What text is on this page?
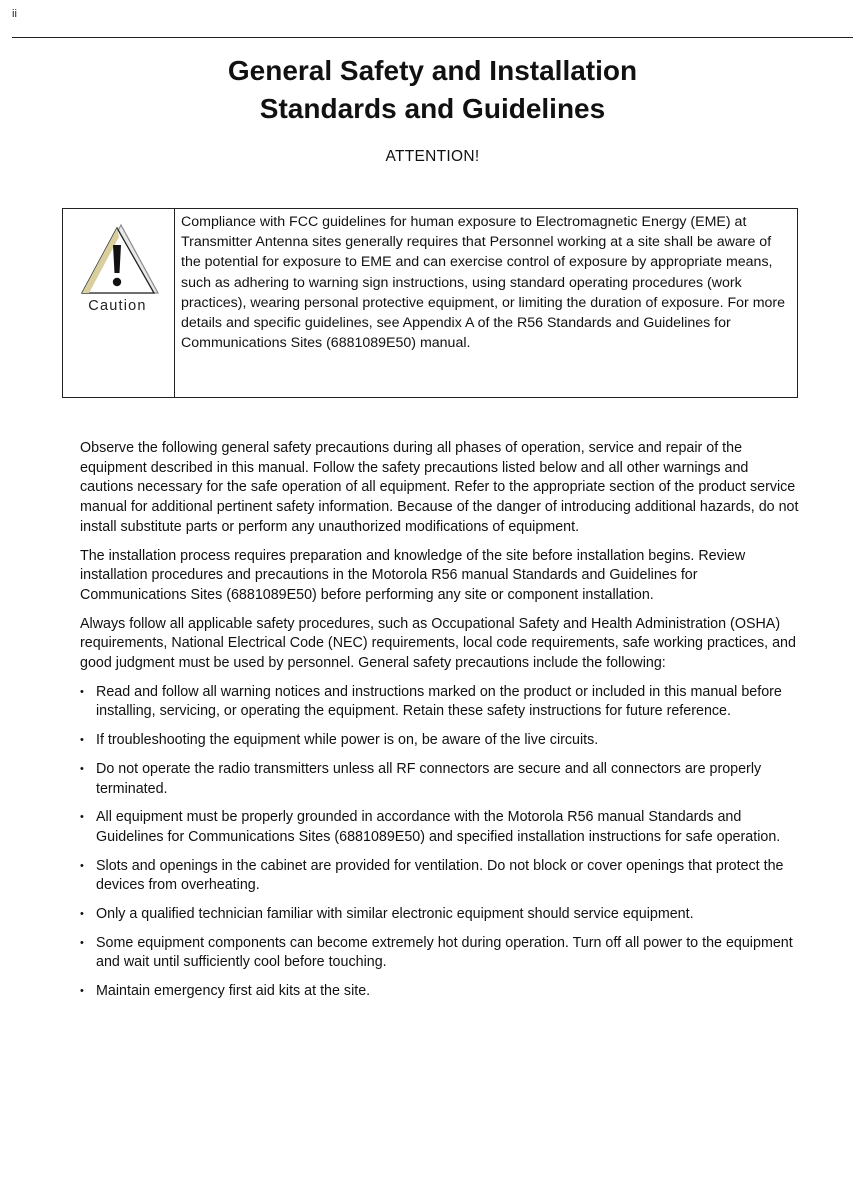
ii
General Safety and Installation
Standards and Guidelines
ATTENTION!
Compliance with FCC guidelines for human exposure to Electromagnetic Energy (EME) at Transmitter Antenna sites generally requires that Personnel working at a site shall be aware of the potential for exposure to EME and can exercise control of exposure by appropriate means, such as adhering to warning sign instructions, using standard operating procedures (work practices), wearing personal protective equipment, or limiting the duration of exposure. For more details and specific guidelines, see Appendix A of the R56 Standards and Guidelines for Communications Sites (6881089E50) manual.
Caution

Observe the following general safety precautions during all phases of operation, service and repair of the equipment described in this manual. Follow the safety precautions listed below and all other warnings and cautions necessary for the safe operation of all equipment. Refer to the appropriate section of the product service manual for additional pertinent safety information. Because of the danger of introducing additional hazards, do not install substitute parts or perform any unauthorized modifications of equipment.

The installation process requires preparation and knowledge of the site before installation begins. Review installation procedures and precautions in the Motorola R56 manual Standards and Guidelines for Communications Sites (6881089E50) before performing any site or component installation.

Always follow all applicable safety procedures, such as Occupational Safety and Health Administration (OSHA) requirements, National Electrical Code (NEC) requirements, local code requirements, safe working practices, and good judgment must be used by personnel. General safety precautions include the following:

• Read and follow all warning notices and instructions marked on the product or included in this manual before installing, servicing, or operating the equipment. Retain these safety instructions for future reference.
• If troubleshooting the equipment while power is on, be aware of the live circuits.
• Do not operate the radio transmitters unless all RF connectors are secure and all connectors are properly terminated.
• All equipment must be properly grounded in accordance with the Motorola R56 manual Standards and Guidelines for Communications Sites (6881089E50) and specified installation instructions for safe operation.
• Slots and openings in the cabinet are provided for ventilation. Do not block or cover openings that protect the devices from overheating.
• Only a qualified technician familiar with similar electronic equipment should service equipment.
• Some equipment components can become extremely hot during operation. Turn off all power to the equipment and wait until sufficiently cool before touching.
• Maintain emergency first aid kits at the site.
